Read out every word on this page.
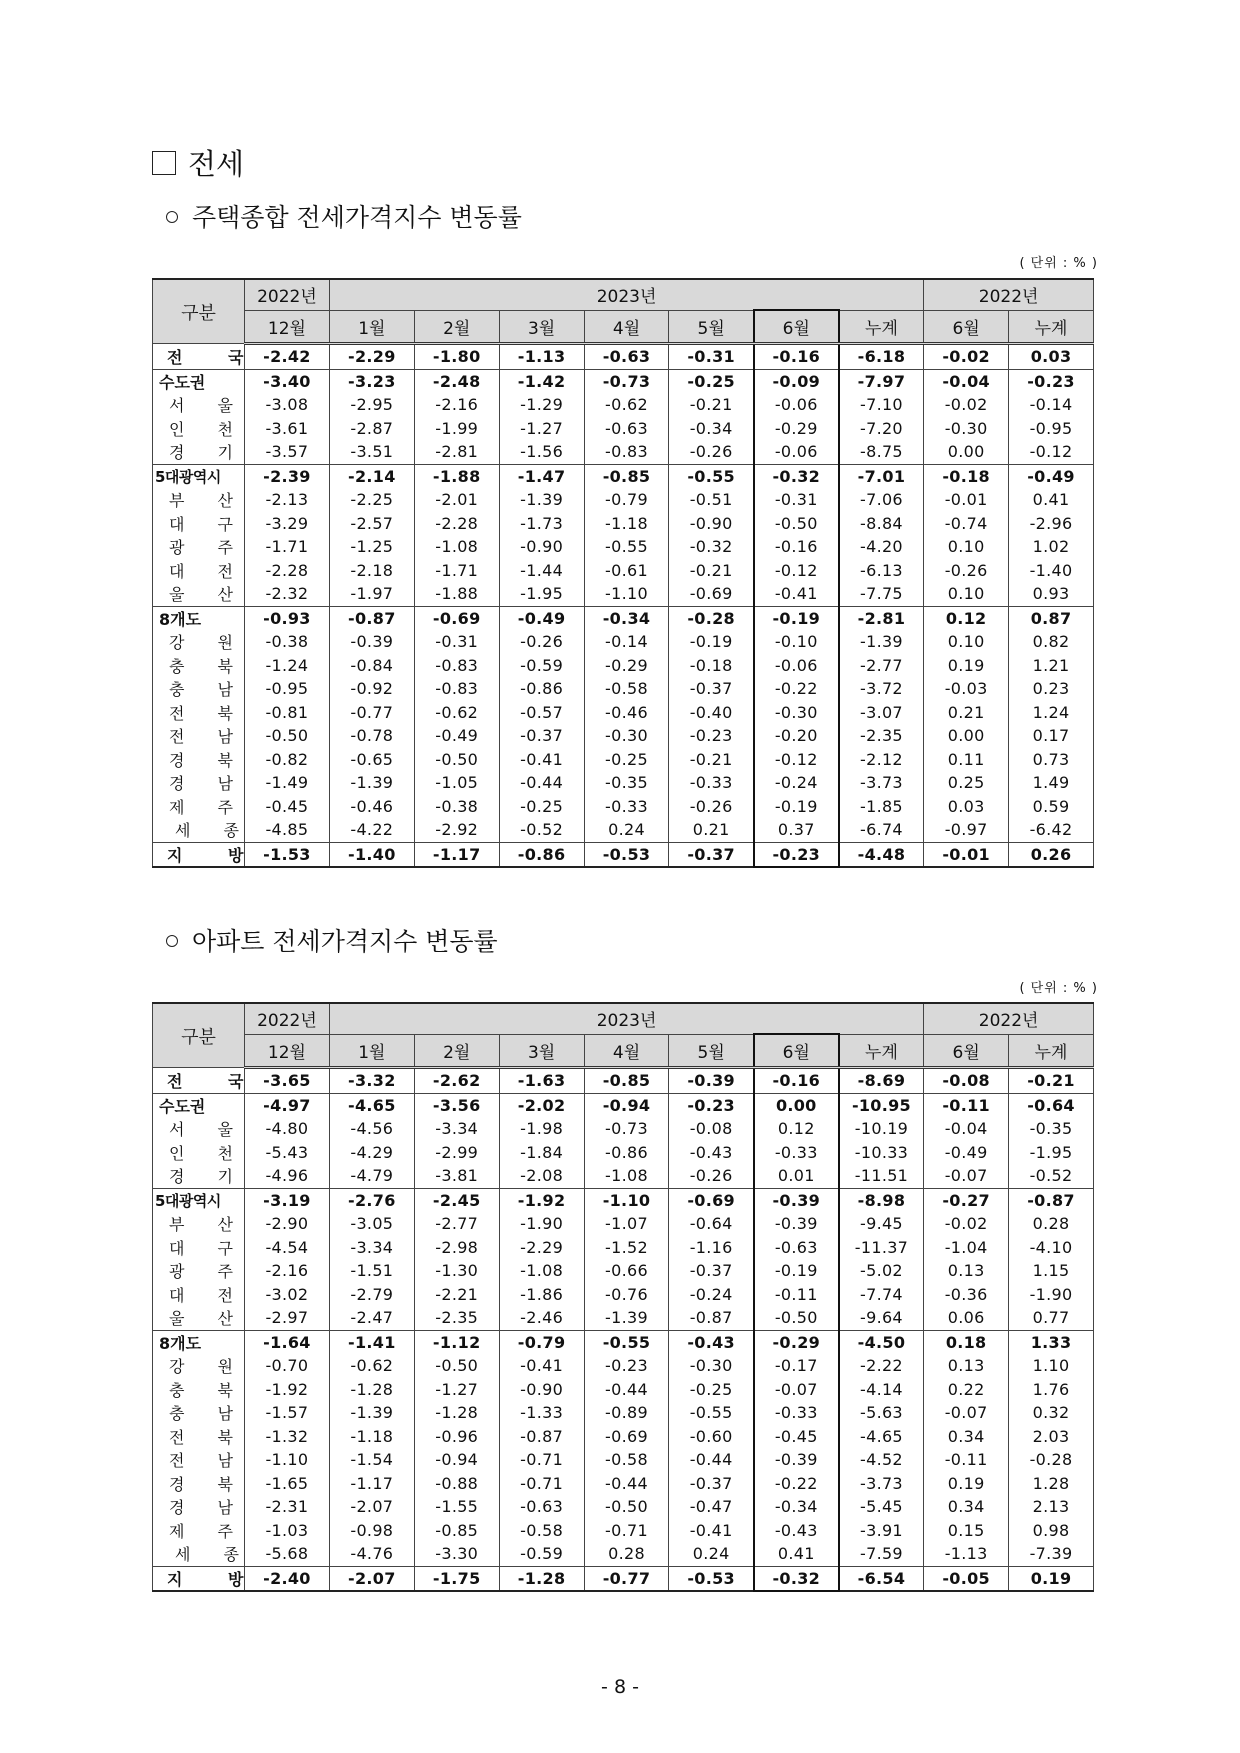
전세
주택종합 전세가격지수 변동률
( 단위 : % )
구분	2022년	2023년							2022년	
	12월	1월	2월	3월	4월	5월	6월	누계	6월	누계
전 국	-2.42	-2.29	-1.80	-1.13	-0.63	-0.31	-0.16	-6.18	-0.02	0.03
수도권	-3.40	-3.23	-2.48	-1.42	-0.73	-0.25	-0.09	-7.97	-0.04	-0.23
서 울	-3.08	-2.95	-2.16	-1.29	-0.62	-0.21	-0.06	-7.10	-0.02	-0.14
인 천	-3.61	-2.87	-1.99	-1.27	-0.63	-0.34	-0.29	-7.20	-0.30	-0.95
경 기	-3.57	-3.51	-2.81	-1.56	-0.83	-0.26	-0.06	-8.75	0.00	-0.12
5대광역시	-2.39	-2.14	-1.88	-1.47	-0.85	-0.55	-0.32	-7.01	-0.18	-0.49
부 산	-2.13	-2.25	-2.01	-1.39	-0.79	-0.51	-0.31	-7.06	-0.01	0.41
대 구	-3.29	-2.57	-2.28	-1.73	-1.18	-0.90	-0.50	-8.84	-0.74	-2.96
광 주	-1.71	-1.25	-1.08	-0.90	-0.55	-0.32	-0.16	-4.20	0.10	1.02
대 전	-2.28	-2.18	-1.71	-1.44	-0.61	-0.21	-0.12	-6.13	-0.26	-1.40
울 산	-2.32	-1.97	-1.88	-1.95	-1.10	-0.69	-0.41	-7.75	0.10	0.93
8개도	-0.93	-0.87	-0.69	-0.49	-0.34	-0.28	-0.19	-2.81	0.12	0.87
강 원	-0.38	-0.39	-0.31	-0.26	-0.14	-0.19	-0.10	-1.39	0.10	0.82
충 북	-1.24	-0.84	-0.83	-0.59	-0.29	-0.18	-0.06	-2.77	0.19	1.21
충 남	-0.95	-0.92	-0.83	-0.86	-0.58	-0.37	-0.22	-3.72	-0.03	0.23
전 북	-0.81	-0.77	-0.62	-0.57	-0.46	-0.40	-0.30	-3.07	0.21	1.24
전 남	-0.50	-0.78	-0.49	-0.37	-0.30	-0.23	-0.20	-2.35	0.00	0.17
경 북	-0.82	-0.65	-0.50	-0.41	-0.25	-0.21	-0.12	-2.12	0.11	0.73
경 남	-1.49	-1.39	-1.05	-0.44	-0.35	-0.33	-0.24	-3.73	0.25	1.49
제 주	-0.45	-0.46	-0.38	-0.25	-0.33	-0.26	-0.19	-1.85	0.03	0.59
세 종	-4.85	-4.22	-2.92	-0.52	0.24	0.21	0.37	-6.74	-0.97	-6.42
지 방	-1.53	-1.40	-1.17	-0.86	-0.53	-0.37	-0.23	-4.48	-0.01	0.26
아파트 전세가격지수 변동률
( 단위 : % )
구분	2022년	2023년							2022년	
	12월	1월	2월	3월	4월	5월	6월	누계	6월	누계
전 국	-3.65	-3.32	-2.62	-1.63	-0.85	-0.39	-0.16	-8.69	-0.08	-0.21
수도권	-4.97	-4.65	-3.56	-2.02	-0.94	-0.23	0.00	-10.95	-0.11	-0.64
서 울	-4.80	-4.56	-3.34	-1.98	-0.73	-0.08	0.12	-10.19	-0.04	-0.35
인 천	-5.43	-4.29	-2.99	-1.84	-0.86	-0.43	-0.33	-10.33	-0.49	-1.95
경 기	-4.96	-4.79	-3.81	-2.08	-1.08	-0.26	0.01	-11.51	-0.07	-0.52
5대광역시	-3.19	-2.76	-2.45	-1.92	-1.10	-0.69	-0.39	-8.98	-0.27	-0.87
부 산	-2.90	-3.05	-2.77	-1.90	-1.07	-0.64	-0.39	-9.45	-0.02	0.28
대 구	-4.54	-3.34	-2.98	-2.29	-1.52	-1.16	-0.63	-11.37	-1.04	-4.10
광 주	-2.16	-1.51	-1.30	-1.08	-0.66	-0.37	-0.19	-5.02	0.13	1.15
대 전	-3.02	-2.79	-2.21	-1.86	-0.76	-0.24	-0.11	-7.74	-0.36	-1.90
울 산	-2.97	-2.47	-2.35	-2.46	-1.39	-0.87	-0.50	-9.64	0.06	0.77
8개도	-1.64	-1.41	-1.12	-0.79	-0.55	-0.43	-0.29	-4.50	0.18	1.33
강 원	-0.70	-0.62	-0.50	-0.41	-0.23	-0.30	-0.17	-2.22	0.13	1.10
충 북	-1.92	-1.28	-1.27	-0.90	-0.44	-0.25	-0.07	-4.14	0.22	1.76
충 남	-1.57	-1.39	-1.28	-1.33	-0.89	-0.55	-0.33	-5.63	-0.07	0.32
전 북	-1.32	-1.18	-0.96	-0.87	-0.69	-0.60	-0.45	-4.65	0.34	2.03
전 남	-1.10	-1.54	-0.94	-0.71	-0.58	-0.44	-0.39	-4.52	-0.11	-0.28
경 북	-1.65	-1.17	-0.88	-0.71	-0.44	-0.37	-0.22	-3.73	0.19	1.28
경 남	-2.31	-2.07	-1.55	-0.63	-0.50	-0.47	-0.34	-5.45	0.34	2.13
제 주	-1.03	-0.98	-0.85	-0.58	-0.71	-0.41	-0.43	-3.91	0.15	0.98
세 종	-5.68	-4.76	-3.30	-0.59	0.28	0.24	0.41	-7.59	-1.13	-7.39
지 방	-2.40	-2.07	-1.75	-1.28	-0.77	-0.53	-0.32	-6.54	-0.05	0.19
- 8 -
